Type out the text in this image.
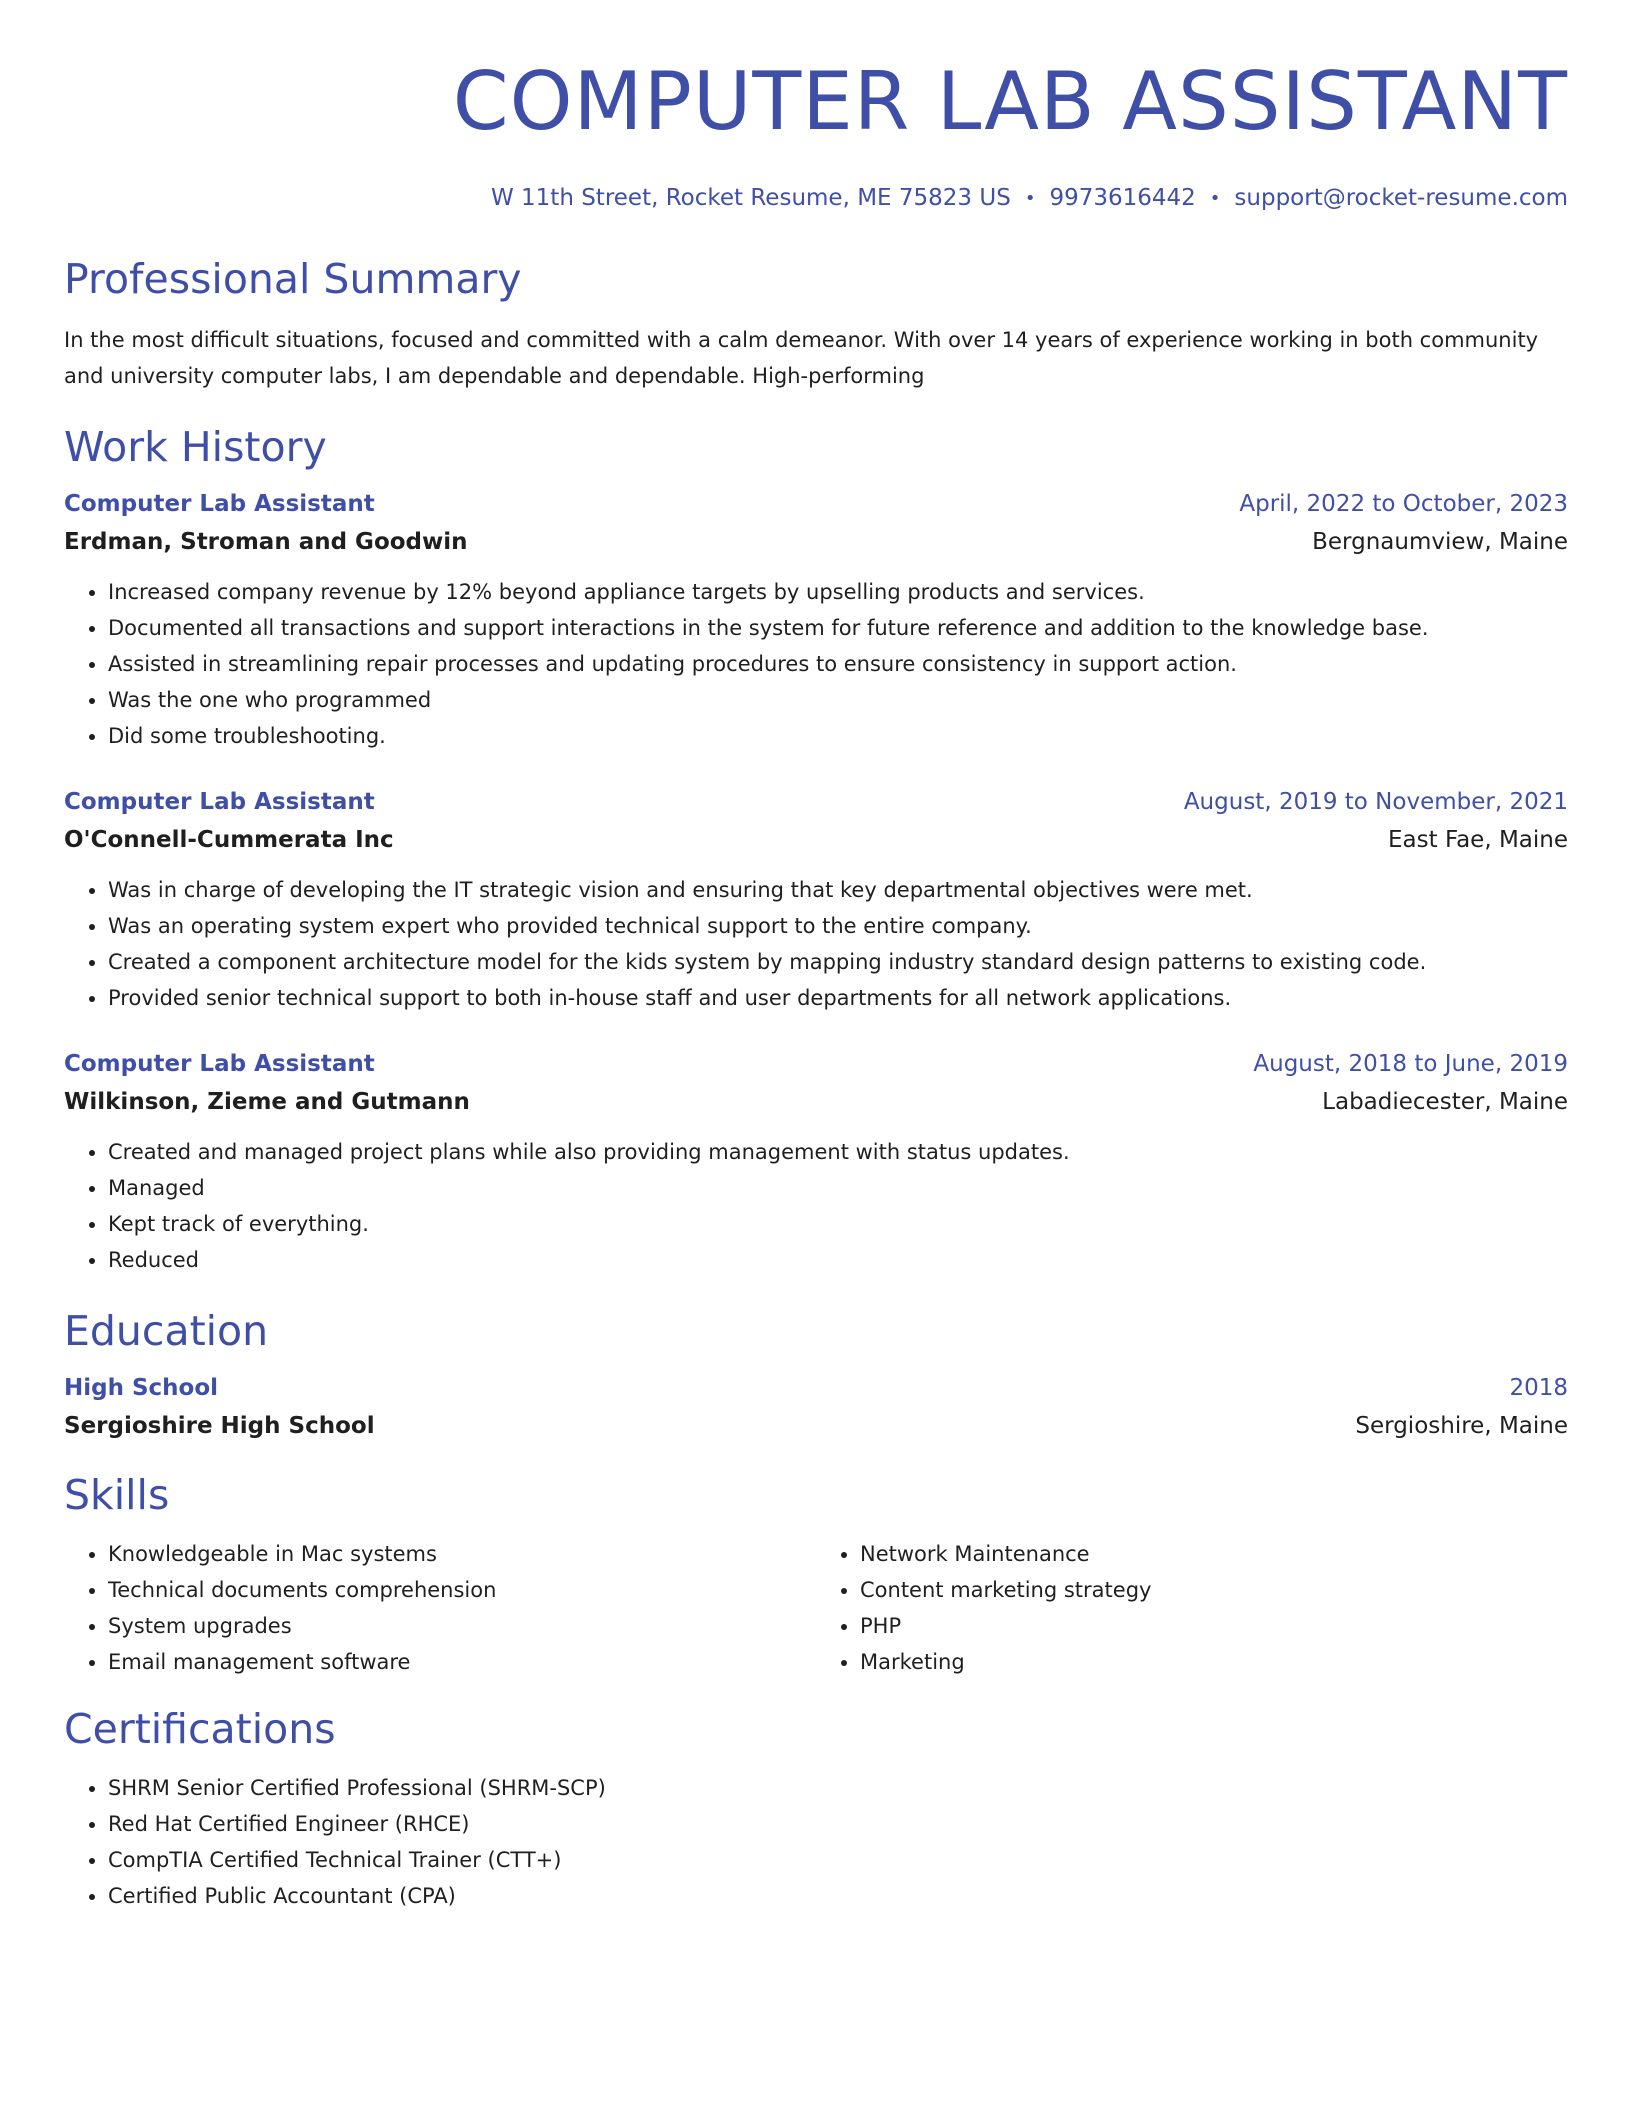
COMPUTER LAB ASSISTANT
W 11th Street, Rocket Resume, ME 75823 US • 9973616442 • support@rocket-resume.com
Professional Summary

In the most difficult situations, focused and committed with a calm demeanor. With over 14 years of experience working in both community and university computer labs, I am dependable and dependable. High-performing

Work History
Computer Lab Assistant	April, 2022 to October, 2023
Erdman, Stroman and Goodwin	Bergnaumview, Maine
• Increased company revenue by 12% beyond appliance targets by upselling products and services.
• Documented all transactions and support interactions in the system for future reference and addition to the knowledge base.
• Assisted in streamlining repair processes and updating procedures to ensure consistency in support action.
• Was the one who programmed
• Did some troubleshooting.
Computer Lab Assistant	August, 2019 to November, 2021
O'Connell-Cummerata Inc	East Fae, Maine
• Was in charge of developing the IT strategic vision and ensuring that key departmental objectives were met.
• Was an operating system expert who provided technical support to the entire company.
• Created a component architecture model for the kids system by mapping industry standard design patterns to existing code.
• Provided senior technical support to both in-house staff and user departments for all network applications.
Computer Lab Assistant	August, 2018 to June, 2019
Wilkinson, Zieme and Gutmann	Labadiecester, Maine
• Created and managed project plans while also providing management with status updates.
• Managed
• Kept track of everything.
• Reduced
Education
High School	2018
Sergioshire High School	Sergioshire, Maine
Skills
• Knowledgeable in Mac systems
• Technical documents comprehension
• System upgrades
• Email management software
• Network Maintenance
• Content marketing strategy
• PHP
• Marketing
Certifications
• SHRM Senior Certified Professional (SHRM-SCP)
• Red Hat Certified Engineer (RHCE)
• CompTIA Certified Technical Trainer (CTT+)
• Certified Public Accountant (CPA)
